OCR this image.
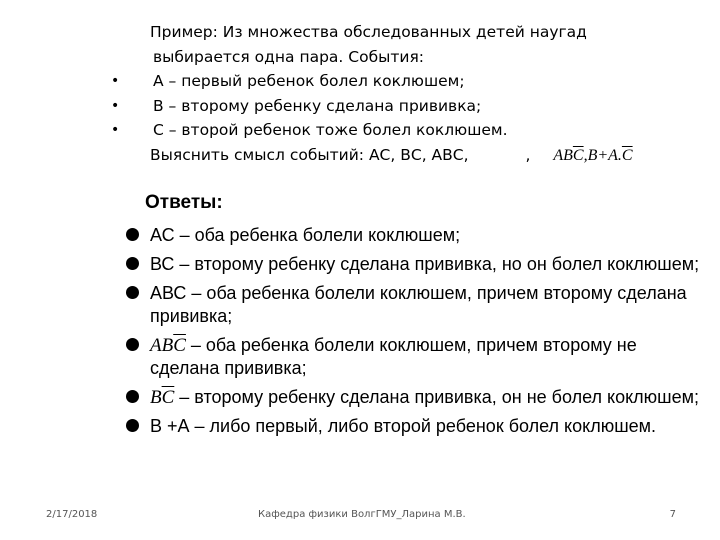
Пример: Из множества обследованных детей наугад
выбирается одна пара. События:
• А – первый ребенок болел коклюшем;
• В – второму ребенку сделана прививка;
• С – второй ребенок тоже болел коклюшем.
Выяснить смысл событий: АС, ВС, АВС,	, $AB\overline{C},B+A.\overline{C}$
Ответы:
АС – оба ребенка болели коклюшем;
ВС – второму ребенку сделана прививка, но он болел коклюшем;
АВС – оба ребенка болели коклюшем, причем второму сделана прививка;
$AB\overline{C}$ – оба ребенка болели коклюшем, причем второму не сделана прививка;
$B\overline{C}$ – второму ребенку сделана прививка, он не болел коклюшем;
В +А – либо первый, либо второй ребенок болел коклюшем.
2/17/2018	Кафедра физики ВолгГМУ_Ларина М.В.	7
